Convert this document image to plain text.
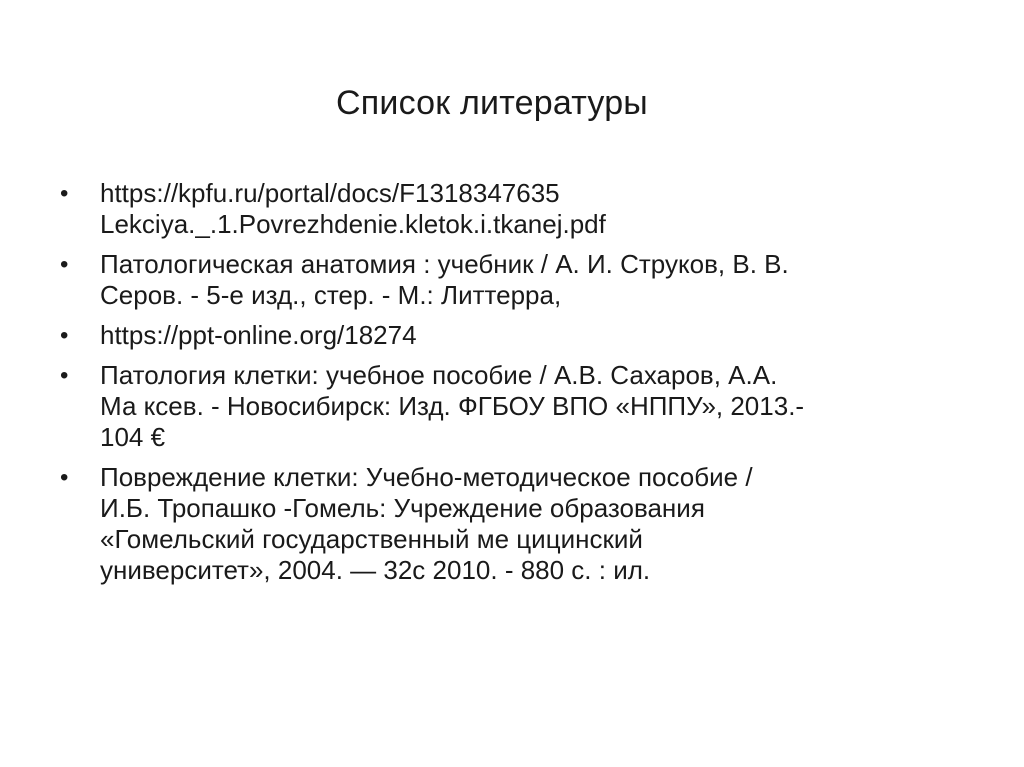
Список литературы
• https://kpfu.ru/portal/docs/F1318347635
Lekciya._.1.Povrezhdenie.kletok.i.tkanej.pdf
• Патологическая анатомия : учебник / А. И. Струков, В. В.
Серов. - 5-е изд., стер. - М.: Литтерра,
• https://ppt-online.org/18274
• Патология клетки: учебное пособие / А.В. Сахаров, А.А.
Ма ксев. - Новосибирск: Изд. ФГБОУ ВПО «НППУ», 2013.-
104 €
• Повреждение клетки: Учебно-методическое пособие /
И.Б. Тропашко -Гомель: Учреждение образования
«Гомельский государственный ме цицинский
университет», 2004. — 32с 2010. - 880 с. : ил.
